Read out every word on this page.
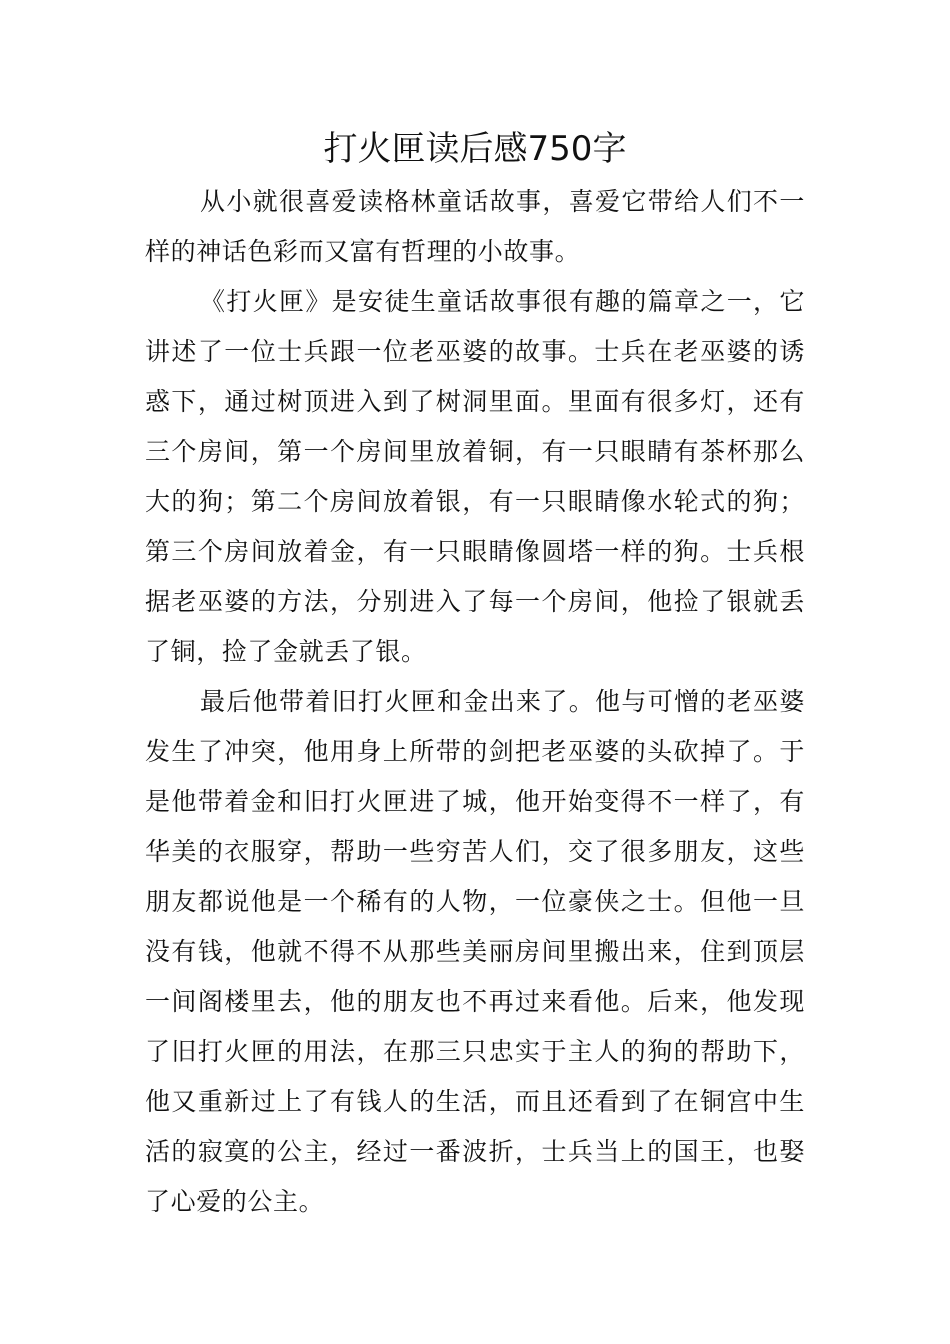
打火匣读后感750字

从小就很喜爱读格林童话故事，喜爱它带给人们不一样的神话色彩而又富有哲理的小故事。

《打火匣》是安徒生童话故事很有趣的篇章之一，它讲述了一位士兵跟一位老巫婆的故事。士兵在老巫婆的诱惑下，通过树顶进入到了树洞里面。里面有很多灯，还有三个房间，第一个房间里放着铜，有一只眼睛有茶杯那么大的狗；第二个房间放着银，有一只眼睛像水轮式的狗；第三个房间放着金，有一只眼睛像圆塔一样的狗。士兵根据老巫婆的方法，分别进入了每一个房间，他捡了银就丢了铜，捡了金就丢了银。

最后他带着旧打火匣和金出来了。他与可憎的老巫婆发生了冲突，他用身上所带的剑把老巫婆的头砍掉了。于是他带着金和旧打火匣进了城，他开始变得不一样了，有华美的衣服穿，帮助一些穷苦人们，交了很多朋友，这些朋友都说他是一个稀有的人物，一位豪侠之士。但他一旦没有钱，他就不得不从那些美丽房间里搬出来，住到顶层一间阁楼里去，他的朋友也不再过来看他。后来，他发现了旧打火匣的用法，在那三只忠实于主人的狗的帮助下，他又重新过上了有钱人的生活，而且还看到了在铜宫中生活的寂寞的公主，经过一番波折，士兵当上的国王，也娶了心爱的公主。
